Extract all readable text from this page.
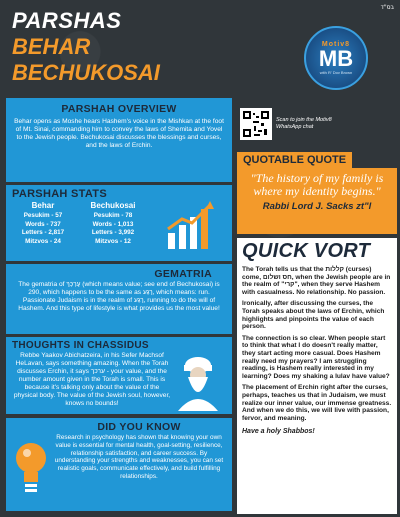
בס"ד
PARSHAS
BEHAR
BECHUKOSAI
Motiv8
MB
with R' Dov Brown
PARSHAH OVERVIEW

Behar opens as Moshe hears Hashem's voice in the Mishkan at the foot of Mt. Sinai, commanding him to convey the laws of Shemita and Yovel to the Jewish people. Bechukosai discusses the blessings and curses, and the laws of Erchin.

PARSHAH STATS
Behar
Pesukim - 57
Words - 737
Letters - 2,817
Mitzvos - 24
Bechukosai
Pesukim - 78
Words - 1,013
Letters - 3,992
Mitzvos - 12
GEMATRIA

The gematria of עֶרְכְּךָ (which means value; see end of Bechukosai) is 290, which happens to be the same as רֶגַע, which means: run. Passionate Judaism is in the realm of רֶגַע, running to do the will of Hashem. And this type of lifestyle is what provides us the most value!

THOUGHTS IN CHASSIDUS

Rebbe Yaakov Abichatzeira, in his Sefer Machsof HeLavan, says something amazing. When the Torah discusses Erchin, it says ערכך - your value, and the number amount given in the Torah is small. This is because it's talking only about the value of the physical body. The value of the Jewish soul, however, knows no bounds!

DID YOU KNOW

Research in psychology has shown that knowing your own value is essential for mental health, goal-setting, resilience, relationship satisfaction, and career success. By understanding your strengths and weaknesses, you can set realistic goals, communicate effectively, and build fulfilling relationships.

Scan to join the Motiv8 WhatsApp chat
QUOTABLE QUOTE
"The history of my family is where my identity begins."
Rabbi Lord J. Sacks zt"l
QUICK VORT

The Torah tells us that the קללות (curses) come, חס ושלום, when the Jewish people are in the realm of "קרי", when they serve Hashem with casualness. No relationship. No passion.

Ironically, after discussing the curses, the Torah speaks about the laws of Erchin, which highlights and pinpoints the value of each person.

The connection is so clear. When people start to think that what I do doesn't really matter, they start acting more casual. Does Hashem really need my prayers? I am struggling reading, is Hashem really interested in my learning? Does my shaking a lulav have value?

The placement of Erchin right after the curses, perhaps, teaches us that in Judaism, we must realize our inner value, our immense greatness. And when we do this, we will live with passion, fervor, and meaning.

Have a holy Shabbos!
